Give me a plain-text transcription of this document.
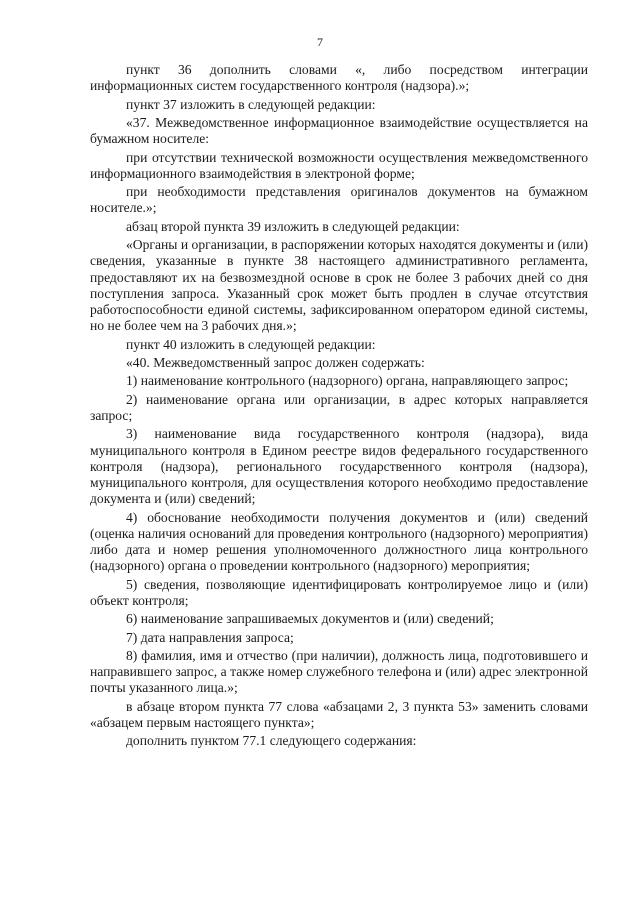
7

пункт 36 дополнить словами «, либо посредством интеграции информационных систем государственного контроля (надзора).»;

пункт 37 изложить в следующей редакции:

«37. Межведомственное информационное взаимодействие осуществляется на бумажном носителе:

при отсутствии технической возможности осуществления межведомственного информационного взаимодействия в электроной форме;

при необходимости представления оригиналов документов на бумажном носителе.»;

абзац второй пункта 39 изложить в следующей редакции:

«Органы и организации, в распоряжении которых находятся документы и (или) сведения, указанные в пункте 38 настоящего административного регламента, предоставляют их на безвозмездной основе в срок не более 3 рабочих дней со дня поступления запроса. Указанный срок может быть продлен в случае отсутствия работоспособности единой системы, зафиксированном оператором единой системы, но не более чем на 3 рабочих дня.»;

пункт 40 изложить в следующей редакции:

«40. Межведомственный запрос должен содержать:

1) наименование контрольного (надзорного) органа, направляющего запрос;

2) наименование органа или организации, в адрес которых направляется запрос;

3) наименование вида государственного контроля (надзора), вида муниципального контроля в Едином реестре видов федерального государственного контроля (надзора), регионального государственного контроля (надзора), муниципального контроля, для осуществления которого необходимо предоставление документа и (или) сведений;

4) обоснование необходимости получения документов и (или) сведений (оценка наличия оснований для проведения контрольного (надзорного) мероприятия) либо дата и номер решения уполномоченного должностного лица контрольного (надзорного) органа о проведении контрольного (надзорного) мероприятия;

5) сведения, позволяющие идентифицировать контролируемое лицо и (или) объект контроля;

6) наименование запрашиваемых документов и (или) сведений;

7) дата направления запроса;

8) фамилия, имя и отчество (при наличии), должность лица, подготовившего и направившего запрос, а также номер служебного телефона и (или) адрес электронной почты указанного лица.»;

в абзаце втором пункта 77 слова «абзацами 2, 3 пункта 53» заменить словами «абзацем первым настоящего пункта»;

дополнить пунктом 77.1 следующего содержания:
